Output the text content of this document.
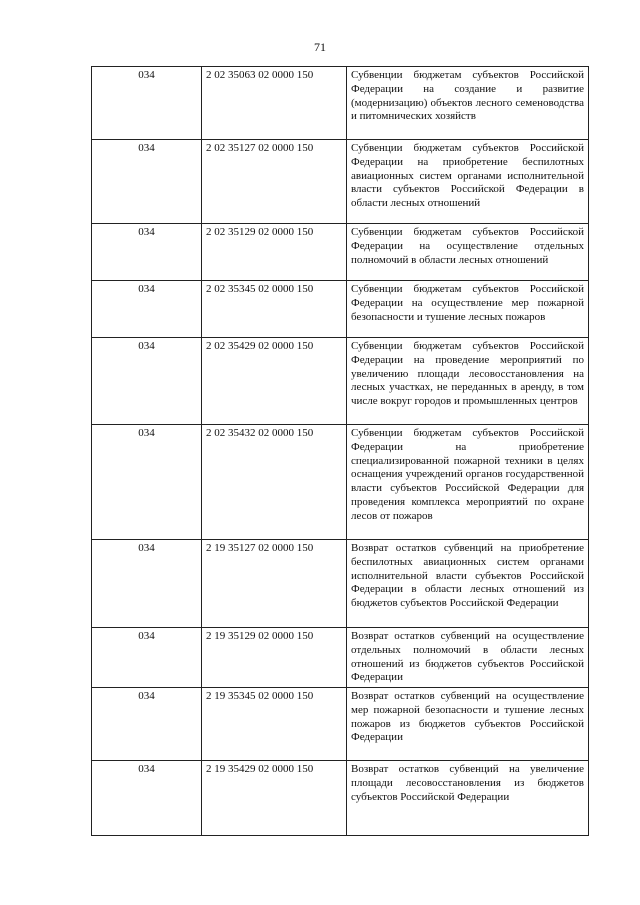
71
034	2 02 35063 02 0000 150	Субвенции бюджетам субъектов Российской Федерации на создание и развитие (модернизацию) объектов лесного семеноводства и питомнических хозяйств
034	2 02 35127 02 0000 150	Субвенции бюджетам субъектов Российской Федерации на приобретение беспилотных авиационных систем органами исполнительной власти субъектов Российской Федерации в области лесных отношений
034	2 02 35129 02 0000 150	Субвенции бюджетам субъектов Российской Федерации на осуществление отдельных полномочий в области лесных отношений
034	2 02 35345 02 0000 150	Субвенции бюджетам субъектов Российской Федерации на осуществление мер пожарной безопасности и тушение лесных пожаров
034	2 02 35429 02 0000 150	Субвенции бюджетам субъектов Российской Федерации на проведение мероприятий по увеличению площади лесовосстановления на лесных участках, не переданных в аренду, в том числе вокруг городов и промышленных центров
034	2 02 35432 02 0000 150	Субвенции бюджетам субъектов Российской Федерации на приобретение специализированной пожарной техники в целях оснащения учреждений органов государственной власти субъектов Российской Федерации для проведения комплекса мероприятий по охране лесов от пожаров
034	2 19 35127 02 0000 150	Возврат остатков субвенций на приобретение беспилотных авиационных систем органами исполнительной власти субъектов Российской Федерации в области лесных отношений из бюджетов субъектов Российской Федерации
034	2 19 35129 02 0000 150	Возврат остатков субвенций на осуществление отдельных полномочий в области лесных отношений из бюджетов субъектов Российской Федерации
034	2 19 35345 02 0000 150	Возврат остатков субвенций на осуществление мер пожарной безопасности и тушение лесных пожаров из бюджетов субъектов Российской Федерации
034	2 19 35429 02 0000 150	Возврат остатков субвенций на увеличение площади лесовосстановления из бюджетов субъектов Российской Федерации
